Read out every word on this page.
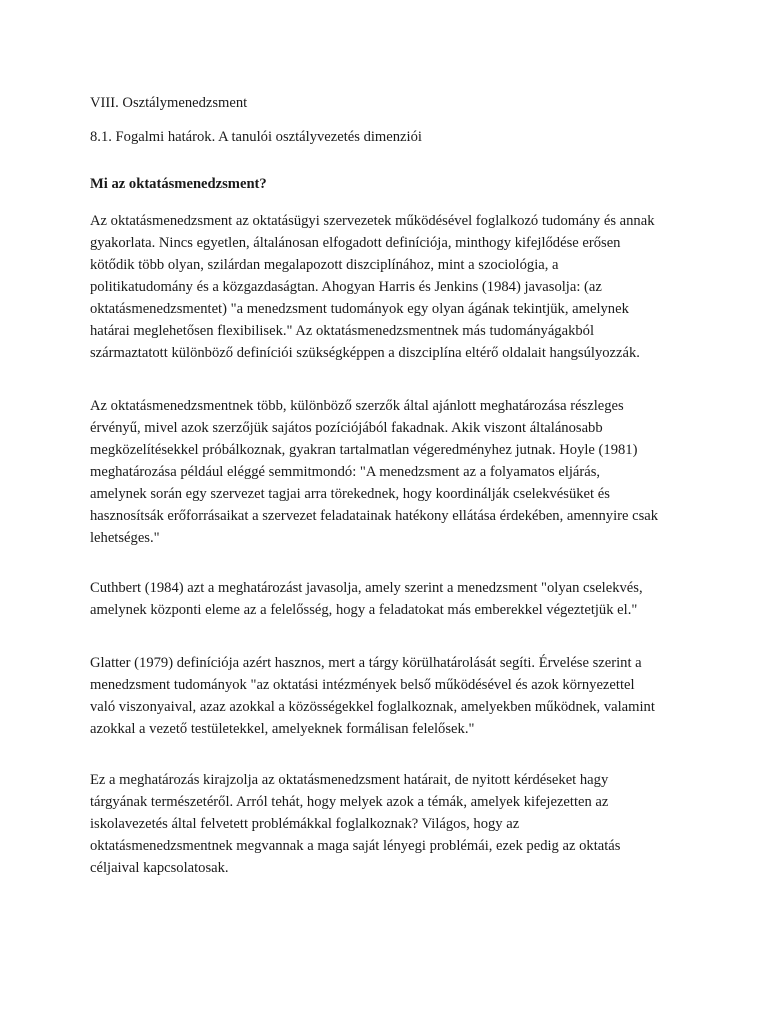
VIII. Osztálymenedzsment
8.1. Fogalmi határok. A tanulói osztályvezetés dimenziói
Mi az oktatásmenedzsment?
Az oktatásmenedzsment az oktatásügyi szervezetek működésével foglalkozó tudomány és annak
gyakorlata. Nincs egyetlen, általánosan elfogadott definíciója, minthogy kifejlődése erősen
kötődik több olyan, szilárdan megalapozott diszciplínához, mint a szociológia, a
politikatudomány és a közgazdaságtan. Ahogyan Harris és Jenkins (1984) javasolja: (az
oktatásmenedzsmentet) "a menedzsment tudományok egy olyan ágának tekintjük, amelynek
határai meglehetősen flexibilisek." Az oktatásmenedzsmentnek más tudományágakból
származtatott különböző definíciói szükségképpen a diszciplína eltérő oldalait hangsúlyozzák.
Az oktatásmenedzsmentnek több, különböző szerzők által ajánlott meghatározása részleges
érvényű, mivel azok szerzőjük sajátos pozíciójából fakadnak. Akik viszont általánosabb
megközelítésekkel próbálkoznak, gyakran tartalmatlan végeredményhez jutnak. Hoyle (1981)
meghatározása például eléggé semmitmondó: "A menedzsment az a folyamatos eljárás,
amelynek során egy szervezet tagjai arra törekednek, hogy koordinálják cselekvésüket és
hasznosítsák erőforrásaikat a szervezet feladatainak hatékony ellátása érdekében, amennyire csak
lehetséges."
Cuthbert (1984) azt a meghatározást javasolja, amely szerint a menedzsment "olyan cselekvés,
amelynek központi eleme az a felelősség, hogy a feladatokat más emberekkel végeztetjük el."
Glatter (1979) definíciója azért hasznos, mert a tárgy körülhatárolását segíti. Érvelése szerint a
menedzsment tudományok "az oktatási intézmények belső működésével és azok környezettel
való viszonyaival, azaz azokkal a közösségekkel foglalkoznak, amelyekben működnek, valamint
azokkal a vezető testületekkel, amelyeknek formálisan felelősek."
Ez a meghatározás kirajzolja az oktatásmenedzsment határait, de nyitott kérdéseket hagy
tárgyának természetéről. Arról tehát, hogy melyek azok a témák, amelyek kifejezetten az
iskolavezetés által felvetett problémákkal foglalkoznak? Világos, hogy az
oktatásmenedzsmentnek megvannak a maga saját lényegi problémái, ezek pedig az oktatás
céljaival kapcsolatosak.
